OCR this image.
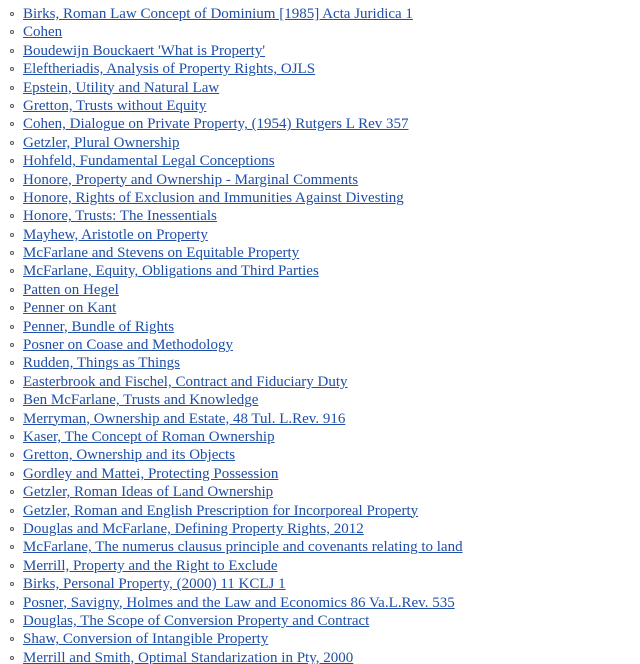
Birks, Roman Law Concept of Dominium [1985] Acta Juridica 1
Cohen
Boudewijn Bouckaert 'What is Property'
Eleftheriadis, Analysis of Property Rights, OJLS
Epstein, Utility and Natural Law
Gretton, Trusts without Equity
Cohen, Dialogue on Private Property, (1954) Rutgers L Rev 357
Getzler, Plural Ownership
Hohfeld, Fundamental Legal Conceptions
Honore, Property and Ownership - Marginal Comments
Honore, Rights of Exclusion and Immunities Against Divesting
Honore, Trusts: The Inessentials
Mayhew, Aristotle on Property
McFarlane and Stevens on Equitable Property
McFarlane, Equity, Obligations and Third Parties
Patten on Hegel
Penner on Kant
Penner, Bundle of Rights
Posner on Coase and Methodology
Rudden, Things as Things
Easterbrook and Fischel, Contract and Fiduciary Duty
Ben McFarlane, Trusts and Knowledge
Merryman, Ownership and Estate, 48 Tul. L.Rev. 916
Kaser, The Concept of Roman Ownership
Gretton, Ownership and its Objects
Gordley and Mattei, Protecting Possession
Getzler, Roman Ideas of Land Ownership
Getzler, Roman and English Prescription for Incorporeal Property
Douglas and McFarlane, Defining Property Rights, 2012
McFarlane, The numerus clausus principle and covenants relating to land
Merrill, Property and the Right to Exclude
Birks, Personal Property, (2000) 11 KCLJ 1
Posner, Savigny, Holmes and the Law and Economics 86 Va.L.Rev. 535
Douglas, The Scope of Conversion Property and Contract
Shaw, Conversion of Intangible Property
Merrill and Smith, Optimal Standarization in Pty, 2000
